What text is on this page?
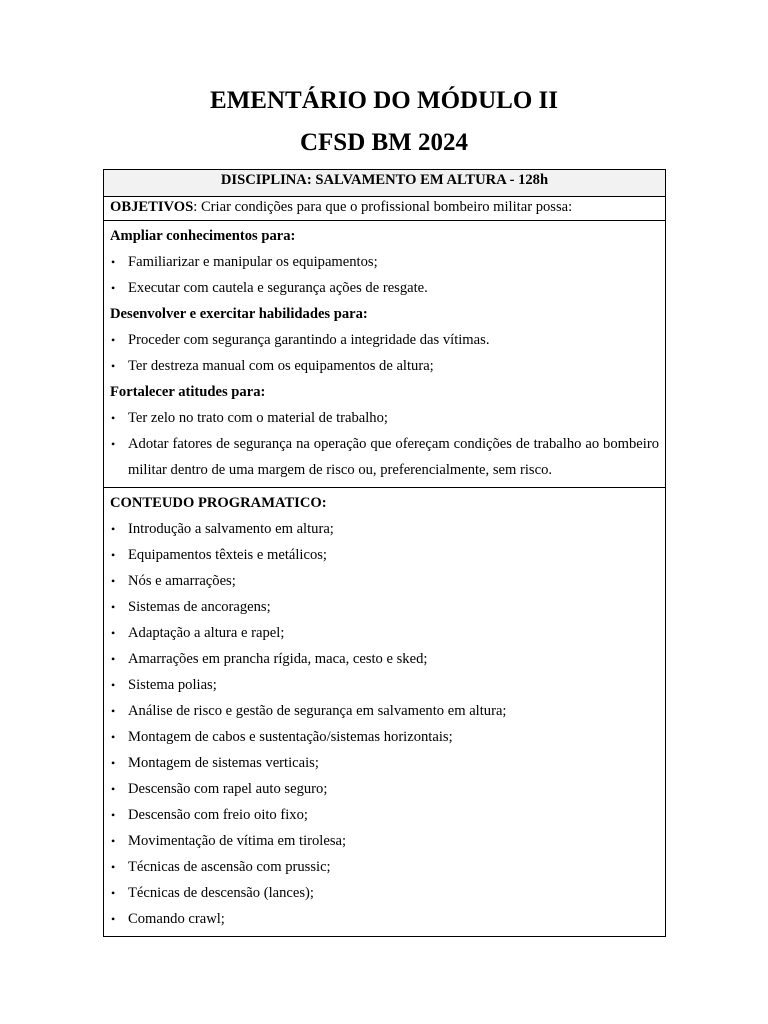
EMENTÁRIO DO MÓDULO II
CFSD BM 2024
DISCIPLINA: SALVAMENTO EM ALTURA - 128h
OBJETIVOS: Criar condições para que o profissional bombeiro militar possa:

Ampliar conhecimentos para:
• Familiarizar e manipular os equipamentos;
• Executar com cautela e segurança ações de resgate.
Desenvolver e exercitar habilidades para:
• Proceder com segurança garantindo a integridade das vítimas.
• Ter destreza manual com os equipamentos de altura;
Fortalecer atitudes para:
• Ter zelo no trato com o material de trabalho;
• Adotar fatores de segurança na operação que ofereçam condições de trabalho ao bombeiro militar dentro de uma margem de risco ou, preferencialmente, sem risco.

CONTEUDO PROGRAMATICO:
• Introdução a salvamento em altura;
• Equipamentos têxteis e metálicos;
• Nós e amarrações;
• Sistemas de ancoragens;
• Adaptação a altura e rapel;
• Amarrações em prancha rígida, maca, cesto e sked;
• Sistema polias;
• Análise de risco e gestão de segurança em salvamento em altura;
• Montagem de cabos e sustentação/sistemas horizontais;
• Montagem de sistemas verticais;
• Descensão com rapel auto seguro;
• Descensão com freio oito fixo;
• Movimentação de vítima em tirolesa;
• Técnicas de ascensão com prussic;
• Técnicas de descensão (lances);
• Comando crawl;
